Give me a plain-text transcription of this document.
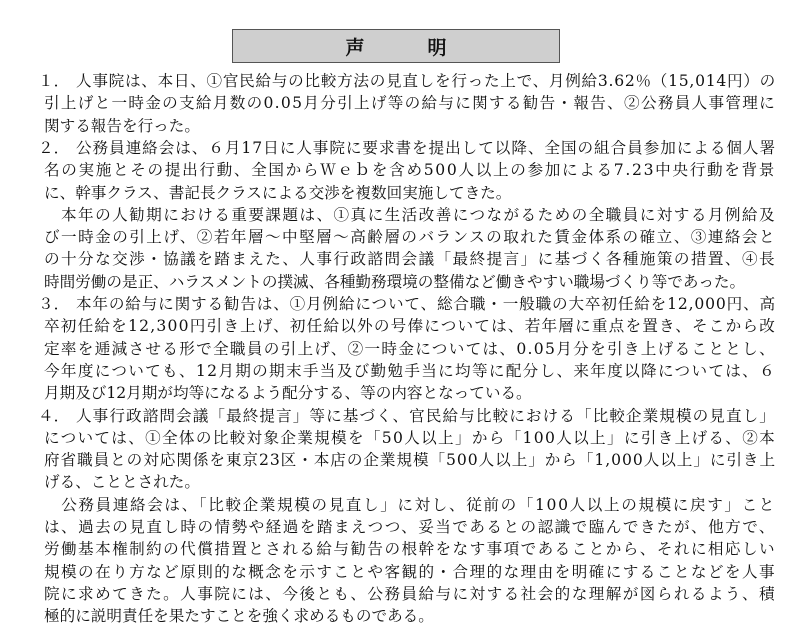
声　明
１． 人事院は、本日、①官民給与の比較方法の見直しを行った上で、月例給3.62％（15,014円）の
引上げと一時金の支給月数の0.05月分引上げ等の給与に関する勧告・報告、②公務員人事管理に
関する報告を行った。
２． 公務員連絡会は、６月17日に人事院に要求書を提出して以降、全国の組合員参加による個人署
名の実施とその提出行動、全国からＷｅｂを含め500人以上の参加による7.23中央行動を背景
に、幹事クラス、書記長クラスによる交渉を複数回実施してきた。
　本年の人勧期における重要課題は、①真に生活改善につながるための全職員に対する月例給及
び一時金の引上げ、②若年層～中堅層～高齢層のバランスの取れた賃金体系の確立、③連絡会と
の十分な交渉・協議を踏まえた、人事行政諮問会議「最終提言」に基づく各種施策の措置、④長
時間労働の是正、ハラスメントの撲滅、各種勤務環境の整備など働きやすい職場づくり等であった。
３． 本年の給与に関する勧告は、①月例給について、総合職・一般職の大卒初任給を12,000円、高
卒初任給を12,300円引き上げ、初任給以外の号俸については、若年層に重点を置き、そこから改
定率を逓減させる形で全職員の引上げ、②一時金については、0.05月分を引き上げることとし、
今年度についても、12月期の期末手当及び勤勉手当に均等に配分し、来年度以降については、６
月期及び12月期が均等になるよう配分する、等の内容となっている。
４． 人事行政諮問会議「最終提言」等に基づく、官民給与比較における「比較企業規模の見直し」
については、①全体の比較対象企業規模を「50人以上」から「100人以上」に引き上げる、②本
府省職員との対応関係を東京23区・本店の企業規模「500人以上」から「1,000人以上」に引き上
げる、こととされた。
　公務員連絡会は、「比較企業規模の見直し」に対し、従前の「100人以上の規模に戻す」こと
は、過去の見直し時の情勢や経過を踏まえつつ、妥当であるとの認識で臨んできたが、他方で、
労働基本権制約の代償措置とされる給与勧告の根幹をなす事項であることから、それに相応しい
規模の在り方など原則的な概念を示すことや客観的・合理的な理由を明確にすることなどを人事
院に求めてきた。人事院には、今後とも、公務員給与に対する社会的な理解が図られるよう、積
極的に説明責任を果たすことを強く求めるものである。
